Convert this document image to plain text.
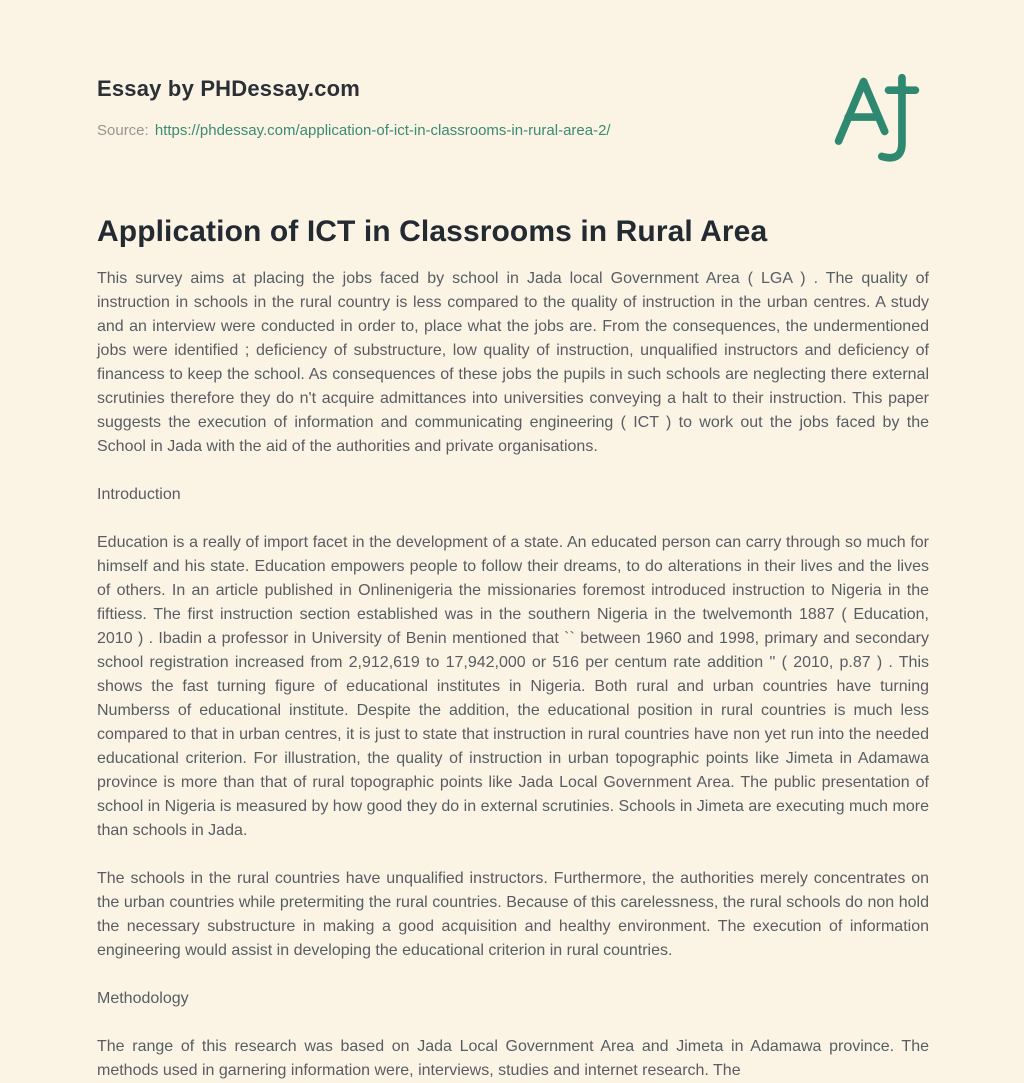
Essay by PHDessay.com
Source: https://phdessay.com/application-of-ict-in-classrooms-in-rural-area-2/
Application of ICT in Classrooms in Rural Area

This survey aims at placing the jobs faced by school in Jada local Government Area ( LGA ) . The quality of instruction in schools in the rural country is less compared to the quality of instruction in the urban centres. A study and an interview were conducted in order to, place what the jobs are. From the consequences, the undermentioned jobs were identified ; deficiency of substructure, low quality of instruction, unqualified instructors and deficiency of financess to keep the school. As consequences of these jobs the pupils in such schools are neglecting there external scrutinies therefore they do n't acquire admittances into universities conveying a halt to their instruction. This paper suggests the execution of information and communicating engineering ( ICT ) to work out the jobs faced by the School in Jada with the aid of the authorities and private organisations.

Introduction

Education is a really of import facet in the development of a state. An educated person can carry through so much for himself and his state. Education empowers people to follow their dreams, to do alterations in their lives and the lives of others. In an article published in Onlinenigeria the missionaries foremost introduced instruction to Nigeria in the fiftiess. The first instruction section established was in the southern Nigeria in the twelvemonth 1887 ( Education, 2010 ) . Ibadin a professor in University of Benin mentioned that `` between 1960 and 1998, primary and secondary school registration increased from 2,912,619 to 17,942,000 or 516 per centum rate addition '' ( 2010, p.87 ) . This shows the fast turning figure of educational institutes in Nigeria. Both rural and urban countries have turning Numberss of educational institute. Despite the addition, the educational position in rural countries is much less compared to that in urban centres, it is just to state that instruction in rural countries have non yet run into the needed educational criterion. For illustration, the quality of instruction in urban topographic points like Jimeta in Adamawa province is more than that of rural topographic points like Jada Local Government Area. The public presentation of school in Nigeria is measured by how good they do in external scrutinies. Schools in Jimeta are executing much more than schools in Jada.

The schools in the rural countries have unqualified instructors. Furthermore, the authorities merely concentrates on the urban countries while pretermiting the rural countries. Because of this carelessness, the rural schools do non hold the necessary substructure in making a good acquisition and healthy environment. The execution of information engineering would assist in developing the educational criterion in rural countries.

Methodology

The range of this research was based on Jada Local Government Area and Jimeta in Adamawa province. The methods used in garnering information were, interviews, studies and internet research. The
